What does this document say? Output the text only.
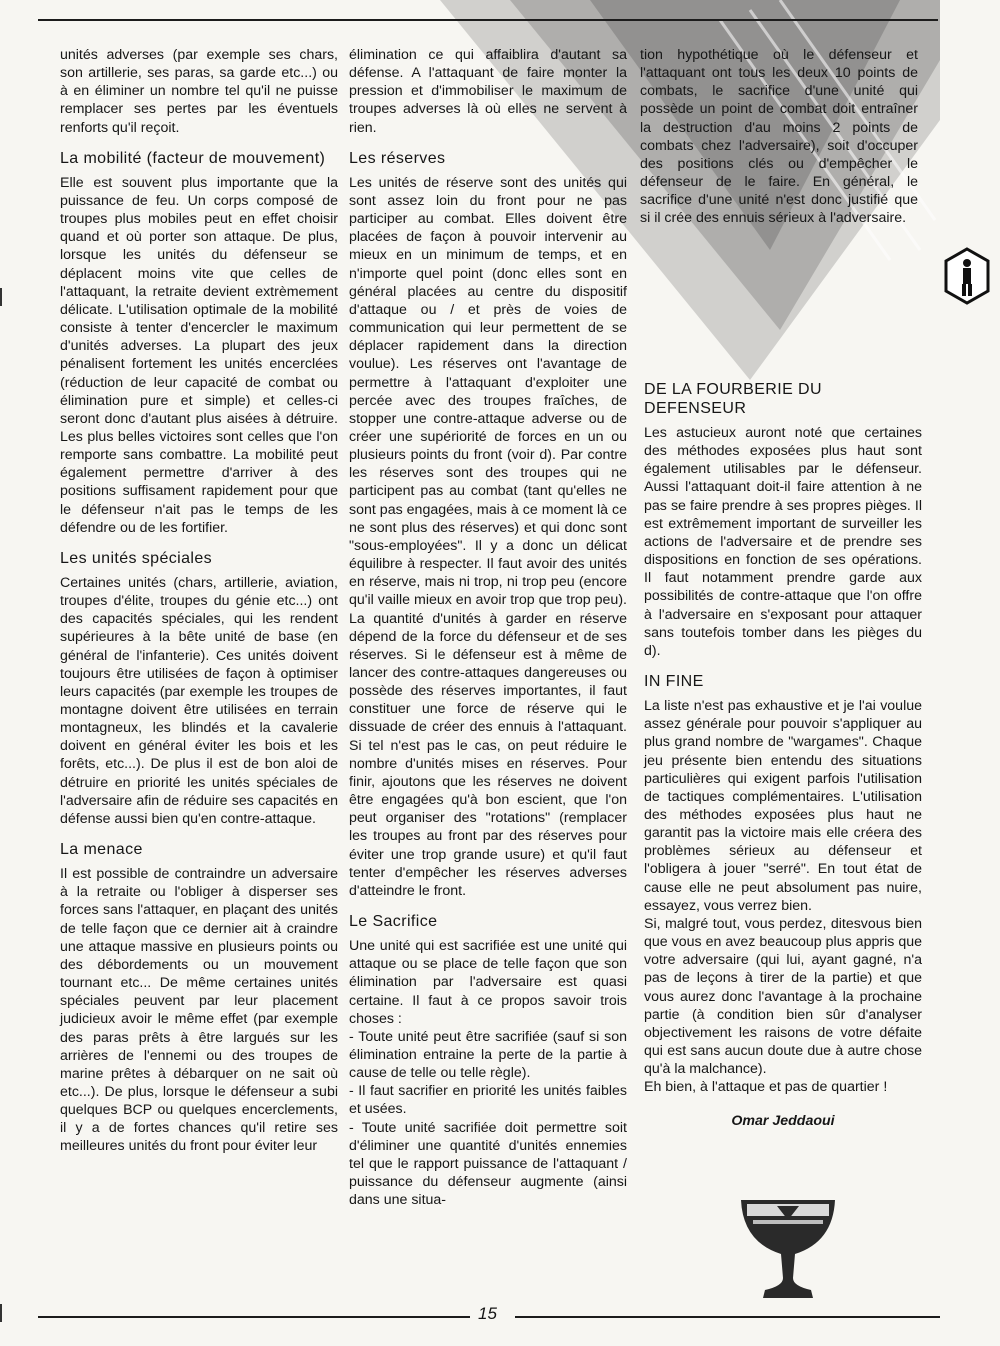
unités adverses (par exemple ses chars, son artillerie, ses paras, sa garde etc...) ou à en éliminer un nombre tel qu'il ne puisse remplacer ses pertes par les éventuels renforts qu'il reçoit.

La mobilité (facteur de mouvement)

Elle est souvent plus importante que la puissance de feu. Un corps composé de troupes plus mobiles peut en effet choisir quand et où porter son attaque. De plus, lorsque les unités du défenseur se déplacent moins vite que celles de l'attaquant, la retraite devient extrèmement délicate. L'utilisation optimale de la mobilité consiste à tenter d'encercler le maximum d'unités adverses. La plupart des jeux pénalisent fortement les unités encerclées (réduction de leur capacité de combat ou élimination pure et simple) et celles-ci seront donc d'autant plus aisées à détruire. Les plus belles victoires sont celles que l'on remporte sans combattre. La mobilité peut également permettre d'arriver à des positions suffisament rapidement pour que le défenseur n'ait pas le temps de les défendre ou de les fortifier.

Les unités spéciales

Certaines unités (chars, artillerie, aviation, troupes d'élite, troupes du génie etc...) ont des capacités spéciales, qui les rendent supérieures à la bête unité de base (en général de l'infanterie). Ces unités doivent toujours être utilisées de façon à optimiser leurs capacités (par exemple les troupes de montagne doivent être utilisées en terrain montagneux, les blindés et la cavalerie doivent en général éviter les bois et les forêts, etc...). De plus il est de bon aloi de détruire en priorité les unités spéciales de l'adversaire afin de réduire ses capacités en défense aussi bien qu'en contre-attaque.

La menace

Il est possible de contraindre un adversaire à la retraite ou l'obliger à disperser ses forces sans l'attaquer, en plaçant des unités de telle façon que ce dernier ait à craindre une attaque massive en plusieurs points ou des débordements ou un mouvement tournant etc... De même certaines unités spéciales peuvent par leur placement judicieux avoir le même effet (par exemple des paras prêts à être largués sur les arrières de l'ennemi ou des troupes de marine prêtes à débarquer on ne sait où etc...). De plus, lorsque le défenseur a subi quelques BCP ou quelques encerclements, il y a de fortes chances qu'il retire ses meilleures unités du front pour éviter leur

élimination ce qui affaiblira d'autant sa défense. A l'attaquant de faire monter la pression et d'immobiliser le maximum de troupes adverses là où elles ne servent à rien.

Les réserves

Les unités de réserve sont des unités qui sont assez loin du front pour ne pas participer au combat. Elles doivent être placées de façon à pouvoir intervenir au mieux en un minimum de temps, et en n'importe quel point (donc elles sont en général placées au centre du dispositif d'attaque ou / et près de voies de communication qui leur permettent de se déplacer rapidement dans la direction voulue). Les réserves ont l'avantage de permettre à l'attaquant d'exploiter une percée avec des troupes fraîches, de stopper une contre-attaque adverse ou de créer une supériorité de forces en un ou plusieurs points du front (voir d). Par contre les réserves sont des troupes qui ne participent pas au combat (tant qu'elles ne sont pas engagées, mais à ce moment là ce ne sont plus des réserves) et qui donc sont "sous-employées". Il y a donc un délicat équilibre à respecter. Il faut avoir des unités en réserve, mais ni trop, ni trop peu (encore qu'il vaille mieux en avoir trop que trop peu). La quantité d'unités à garder en réserve dépend de la force du défenseur et de ses réserves. Si le défenseur est à même de lancer des contre-attaques dangereuses ou possède des réserves importantes, il faut constituer une force de réserve qui le dissuade de créer des ennuis à l'attaquant. Si tel n'est pas le cas, on peut réduire le nombre d'unités mises en réserves. Pour finir, ajoutons que les réserves ne doivent être engagées qu'à bon escient, que l'on peut organiser des "rotations" (remplacer les troupes au front par des réserves pour éviter une trop grande usure) et qu'il faut tenter d'empêcher les réserves adverses d'atteindre le front.

Le Sacrifice

Une unité qui est sacrifiée est une unité qui attaque ou se place de telle façon que son élimination par l'adversaire est quasi certaine. Il faut à ce propos savoir trois choses :

- Toute unité peut être sacrifiée (sauf si son élimination entraine la perte de la partie à cause de telle ou telle règle).

- Il faut sacrifier en priorité les unités faibles et usées.

- Toute unité sacrifiée doit permettre soit d'éliminer une quantité d'unités ennemies tel que le rapport puissance de l'attaquant / puissance du défenseur augmente (ainsi dans une situa-

tion hypothétique où le défenseur et l'attaquant ont tous les deux 10 points de combats, le sacrifice d'une unité qui possède un point de combat doit entraîner la destruction d'au moins 2 points de combats chez l'adversaire), soit d'occuper des positions clés ou d'empêcher le défenseur de le faire. En général, le sacrifice d'une unité n'est donc justifié que si il crée des ennuis sérieux à l'adversaire.

DE LA FOURBERIE DU DEFENSEUR

Les astucieux auront noté que certaines des méthodes exposées plus haut sont également utilisables par le défenseur. Aussi l'attaquant doit-il faire attention à ne pas se faire prendre à ses propres pièges. Il est extrêmement important de surveiller les actions de l'adversaire et de prendre ses dispositions en fonction de ses opérations. Il faut notamment prendre garde aux possibilités de contre-attaque que l'on offre à l'adversaire en s'exposant pour attaquer sans toutefois tomber dans les pièges du d).

IN FINE

La liste n'est pas exhaustive et je l'ai voulue assez générale pour pouvoir s'appliquer au plus grand nombre de "wargames". Chaque jeu présente bien entendu des situations particulières qui exigent parfois l'utilisation de tactiques complémentaires. L'utilisation des méthodes exposées plus haut ne garantit pas la victoire mais elle créera des problèmes sérieux au défenseur et l'obligera à jouer "serré". En tout état de cause elle ne peut absolument pas nuire, essayez, vous verrez bien.

Si, malgré tout, vous perdez, ditesvous bien que vous en avez beaucoup plus appris que votre adversaire (qui lui, ayant gagné, n'a pas de leçons à tirer de la partie) et que vous aurez donc l'avantage à la prochaine partie (à condition bien sûr d'analyser objectivement les raisons de votre défaite qui est sans aucun doute due à autre chose qu'à la malchance).

Eh bien, à l'attaque et pas de quartier !

Omar Jeddaoui

15
